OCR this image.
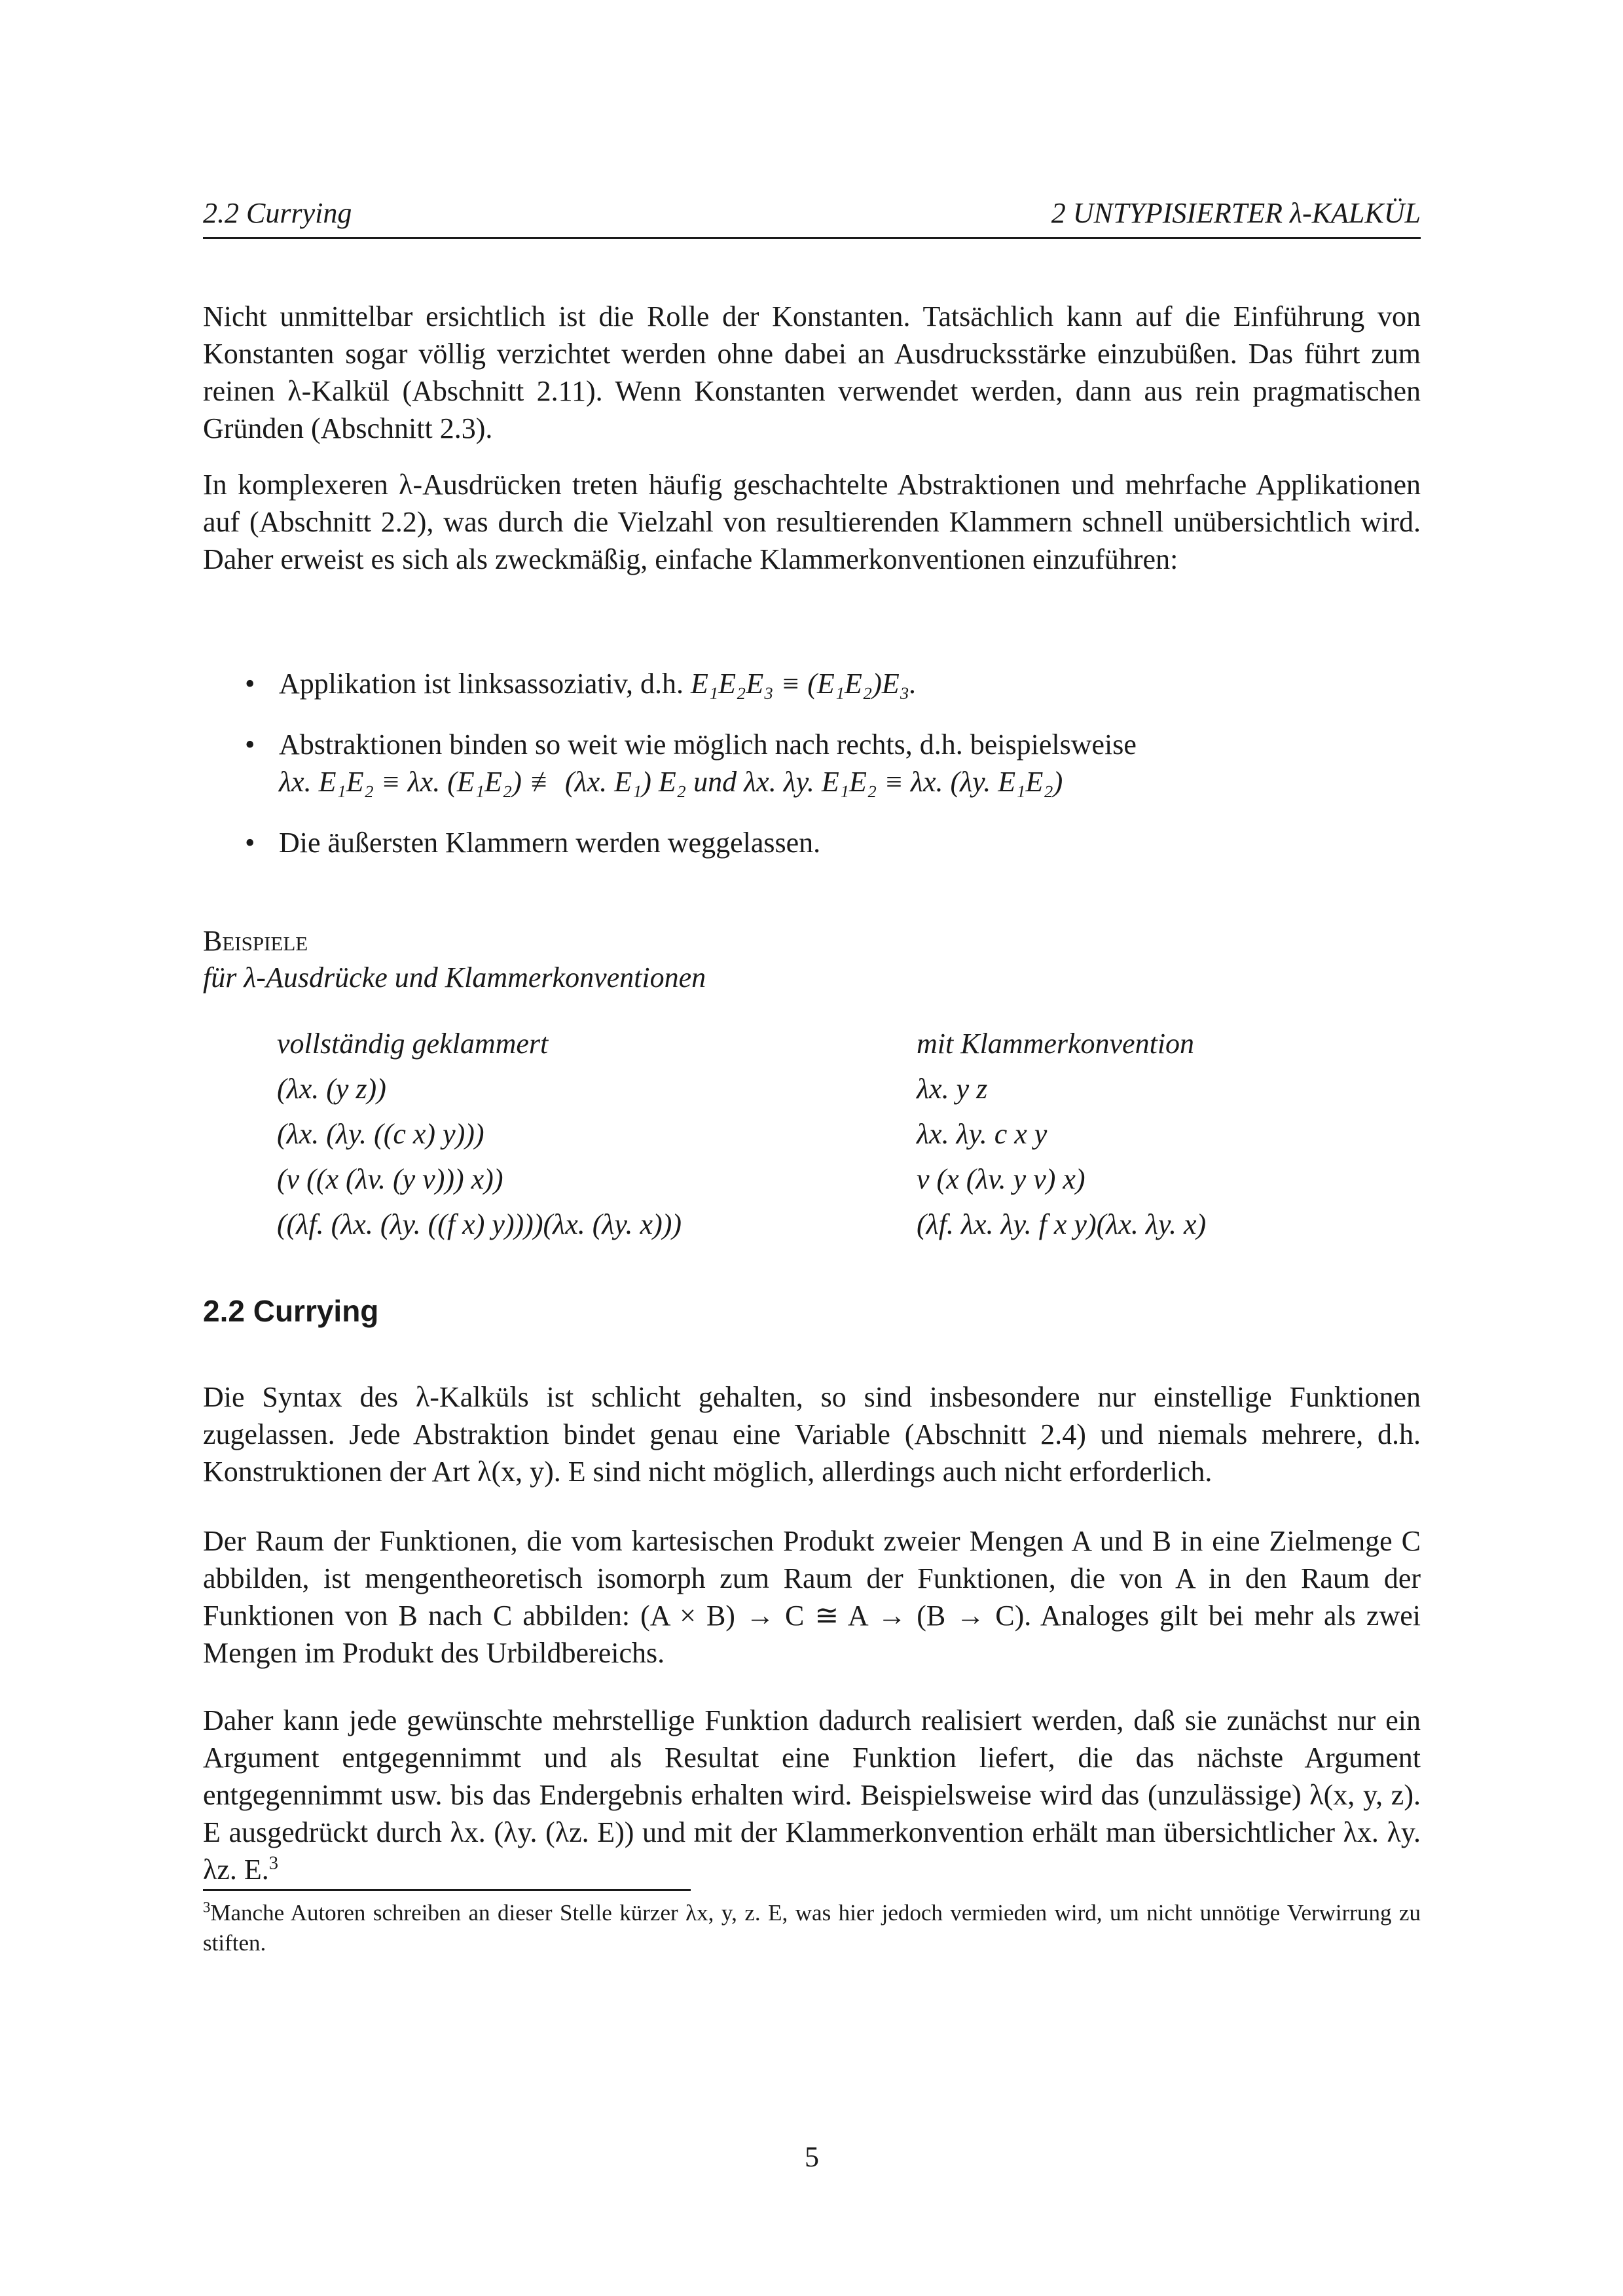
2.2 Currying	2 UNTYPISIERTER λ-KALKÜL

Nicht unmittelbar ersichtlich ist die Rolle der Konstanten. Tatsächlich kann auf die Einführung von Konstanten sogar völlig verzichtet werden ohne dabei an Ausdrucksstärke einzubüßen. Das führt zum reinen λ-Kalkül (Abschnitt 2.11). Wenn Konstanten verwendet werden, dann aus rein pragmatischen Gründen (Abschnitt 2.3).

In komplexeren λ-Ausdrücken treten häufig geschachtelte Abstraktionen und mehrfache Applikationen auf (Abschnitt 2.2), was durch die Vielzahl von resultierenden Klammern schnell unübersichtlich wird. Daher erweist es sich als zweckmäßig, einfache Klammerkonventionen einzuführen:

• Applikation ist linksassoziativ, d.h. E₁E₂E₃ ≡ (E₁E₂)E₃.
• Abstraktionen binden so weit wie möglich nach rechts, d.h. beispielsweise
λx. E₁E₂ ≡ λx. (E₁E₂) ≢ (λx. E₁) E₂ und λx. λy. E₁E₂ ≡ λx. (λy. E₁E₂)
• Die äußersten Klammern werden weggelassen.
Beispiele
für λ-Ausdrücke und Klammerkonventionen
vollständig geklammert
(λx. (y z))
(λx. (λy. ((c x) y)))
(v ((x (λv. (y v))) x))
((λf. (λx. (λy. ((f x) y))))(λx. (λy. x)))
mit Klammerkonvention
λx. y z
λx. λy. c x y
v (x (λv. y v) x)
(λf. λx. λy. f x y)(λx. λy. x)
2.2 Currying

Die Syntax des λ-Kalküls ist schlicht gehalten, so sind insbesondere nur einstellige Funktionen zugelassen. Jede Abstraktion bindet genau eine Variable (Abschnitt 2.4) und niemals mehrere, d.h. Konstruktionen der Art λ(x, y). E sind nicht möglich, allerdings auch nicht erforderlich.

Der Raum der Funktionen, die vom kartesischen Produkt zweier Mengen A und B in eine Zielmenge C abbilden, ist mengentheoretisch isomorph zum Raum der Funktionen, die von A in den Raum der Funktionen von B nach C abbilden: (A × B) → C ≅ A → (B → C). Analoges gilt bei mehr als zwei Mengen im Produkt des Urbildbereichs.

Daher kann jede gewünschte mehrstellige Funktion dadurch realisiert werden, daß sie zunächst nur ein Argument entgegennimmt und als Resultat eine Funktion liefert, die das nächste Argument entgegennimmt usw. bis das Endergebnis erhalten wird. Beispielsweise wird das (unzulässige) λ(x, y, z). E ausgedrückt durch λx. (λy. (λz. E)) und mit der Klammerkonvention erhält man übersichtlicher λx. λy. λz. E.$^3$

$^3$Manche Autoren schreiben an dieser Stelle kürzer λx, y, z. E, was hier jedoch vermieden wird, um nicht unnötige Verwirrung zu stiften.
5
